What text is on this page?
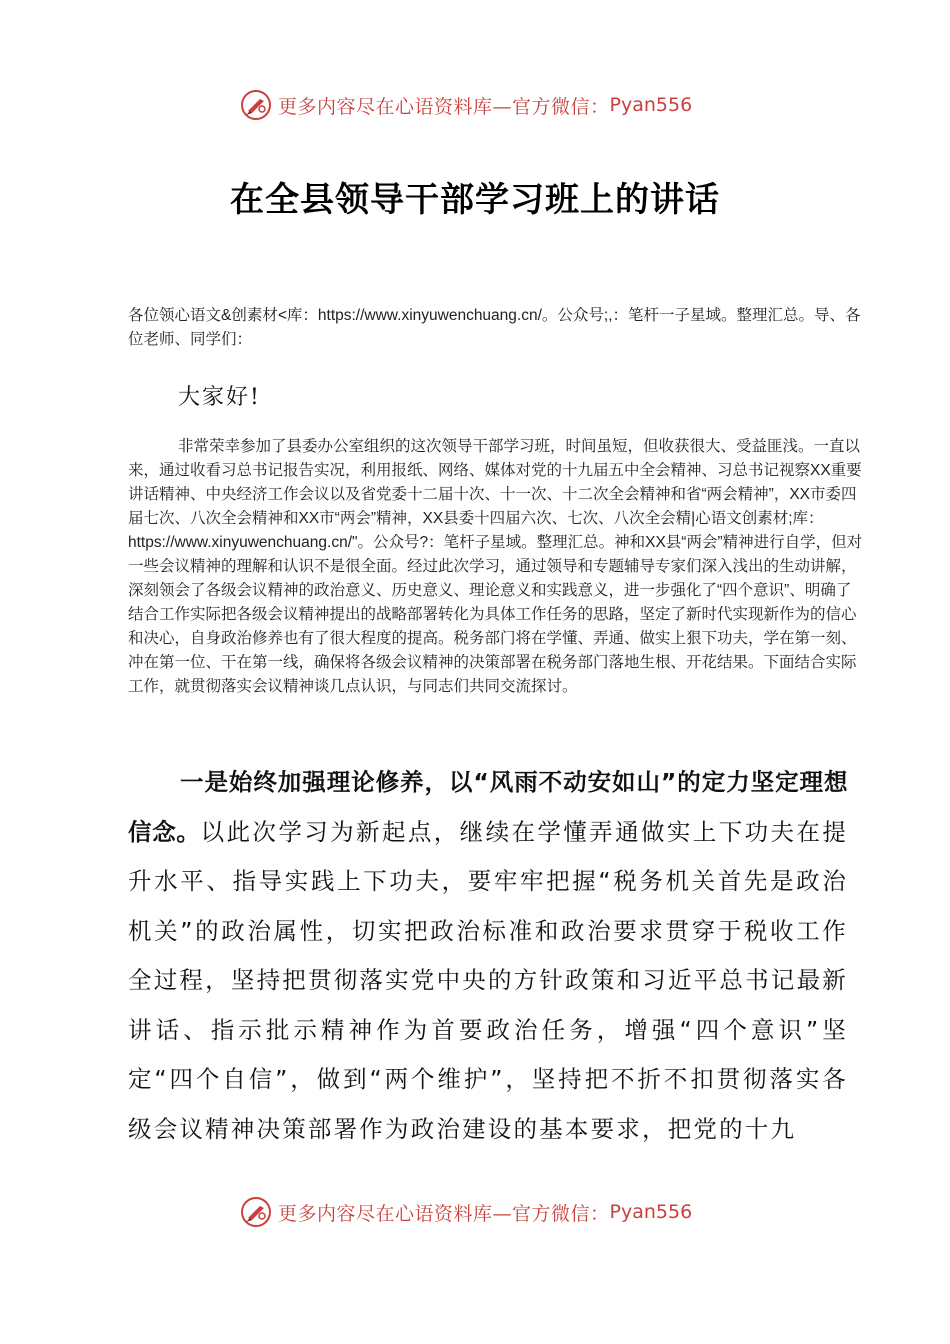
更多内容尽在心语资料库—官方微信： Pyan556
在全县领导干部学习班上的讲话
各位领心语文&创素材<库：https://www.xinyuwenchuang.cn/。公众号;,：笔杆一子星域。整理汇总。导、各位老师、同学们：
大家好!
非常荣幸参加了县委办公室组织的这次领导干部学习班，时间虽短，但收获很大、受益匪浅。一直以来，通过收看习总书记报告实况，利用报纸、网络、媒体对党的十九届五中全会精神、习总书记视察XX重要讲话精神、中央经济工作会议以及省党委十二届十次、十一次、十二次全会精神和省“两会精神”，XX市委四届七次、八次全会精神和XX市“两会”精神，XX县委十四届六次、七次、八次全会精|心语文创素材;库：https://www.xinyuwenchuang.cn/"。公众号?：笔杆子星域。整理汇总。神和XX县“两会”精神进行自学，但对一些会议精神的理解和认识不是很全面。经过此次学习，通过领导和专题辅导专家们深入浅出的生动讲解，深刻领会了各级会议精神的政治意义、历史意义、理论意义和实践意义，进一步强化了“四个意识”、明确了结合工作实际把各级会议精神提出的战略部署转化为具体工作任务的思路，坚定了新时代实现新作为的信心和决心，自身政治修养也有了很大程度的提高。税务部门将在学懂、弄通、做实上狠下功夫，学在第一刻、冲在第一位、干在第一线，确保将各级会议精神的决策部署在税务部门落地生根、开花结果。下面结合实际工作，就贯彻落实会议精神谈几点认识，与同志们共同交流探讨。
一是始终加强理论修养，以“风雨不动安如山”的定力坚定理想信念。以此次学习为新起点，继续在学懂弄通做实上下功夫在提升水平、指导实践上下功夫，要牢牢把握“税务机关首先是政治机关”的政治属性，切实把政治标准和政治要求贯穿于税收工作全过程，坚持把贯彻落实党中央的方针政策和习近平总书记最新讲话、指示批示精神作为首要政治任务，增强“四个意识”坚定“四个自信”，做到“两个维护”，坚持把不折不扣贯彻落实各级会议精神决策部署作为政治建设的基本要求，把党的十九
更多内容尽在心语资料库—官方微信： Pyan556
